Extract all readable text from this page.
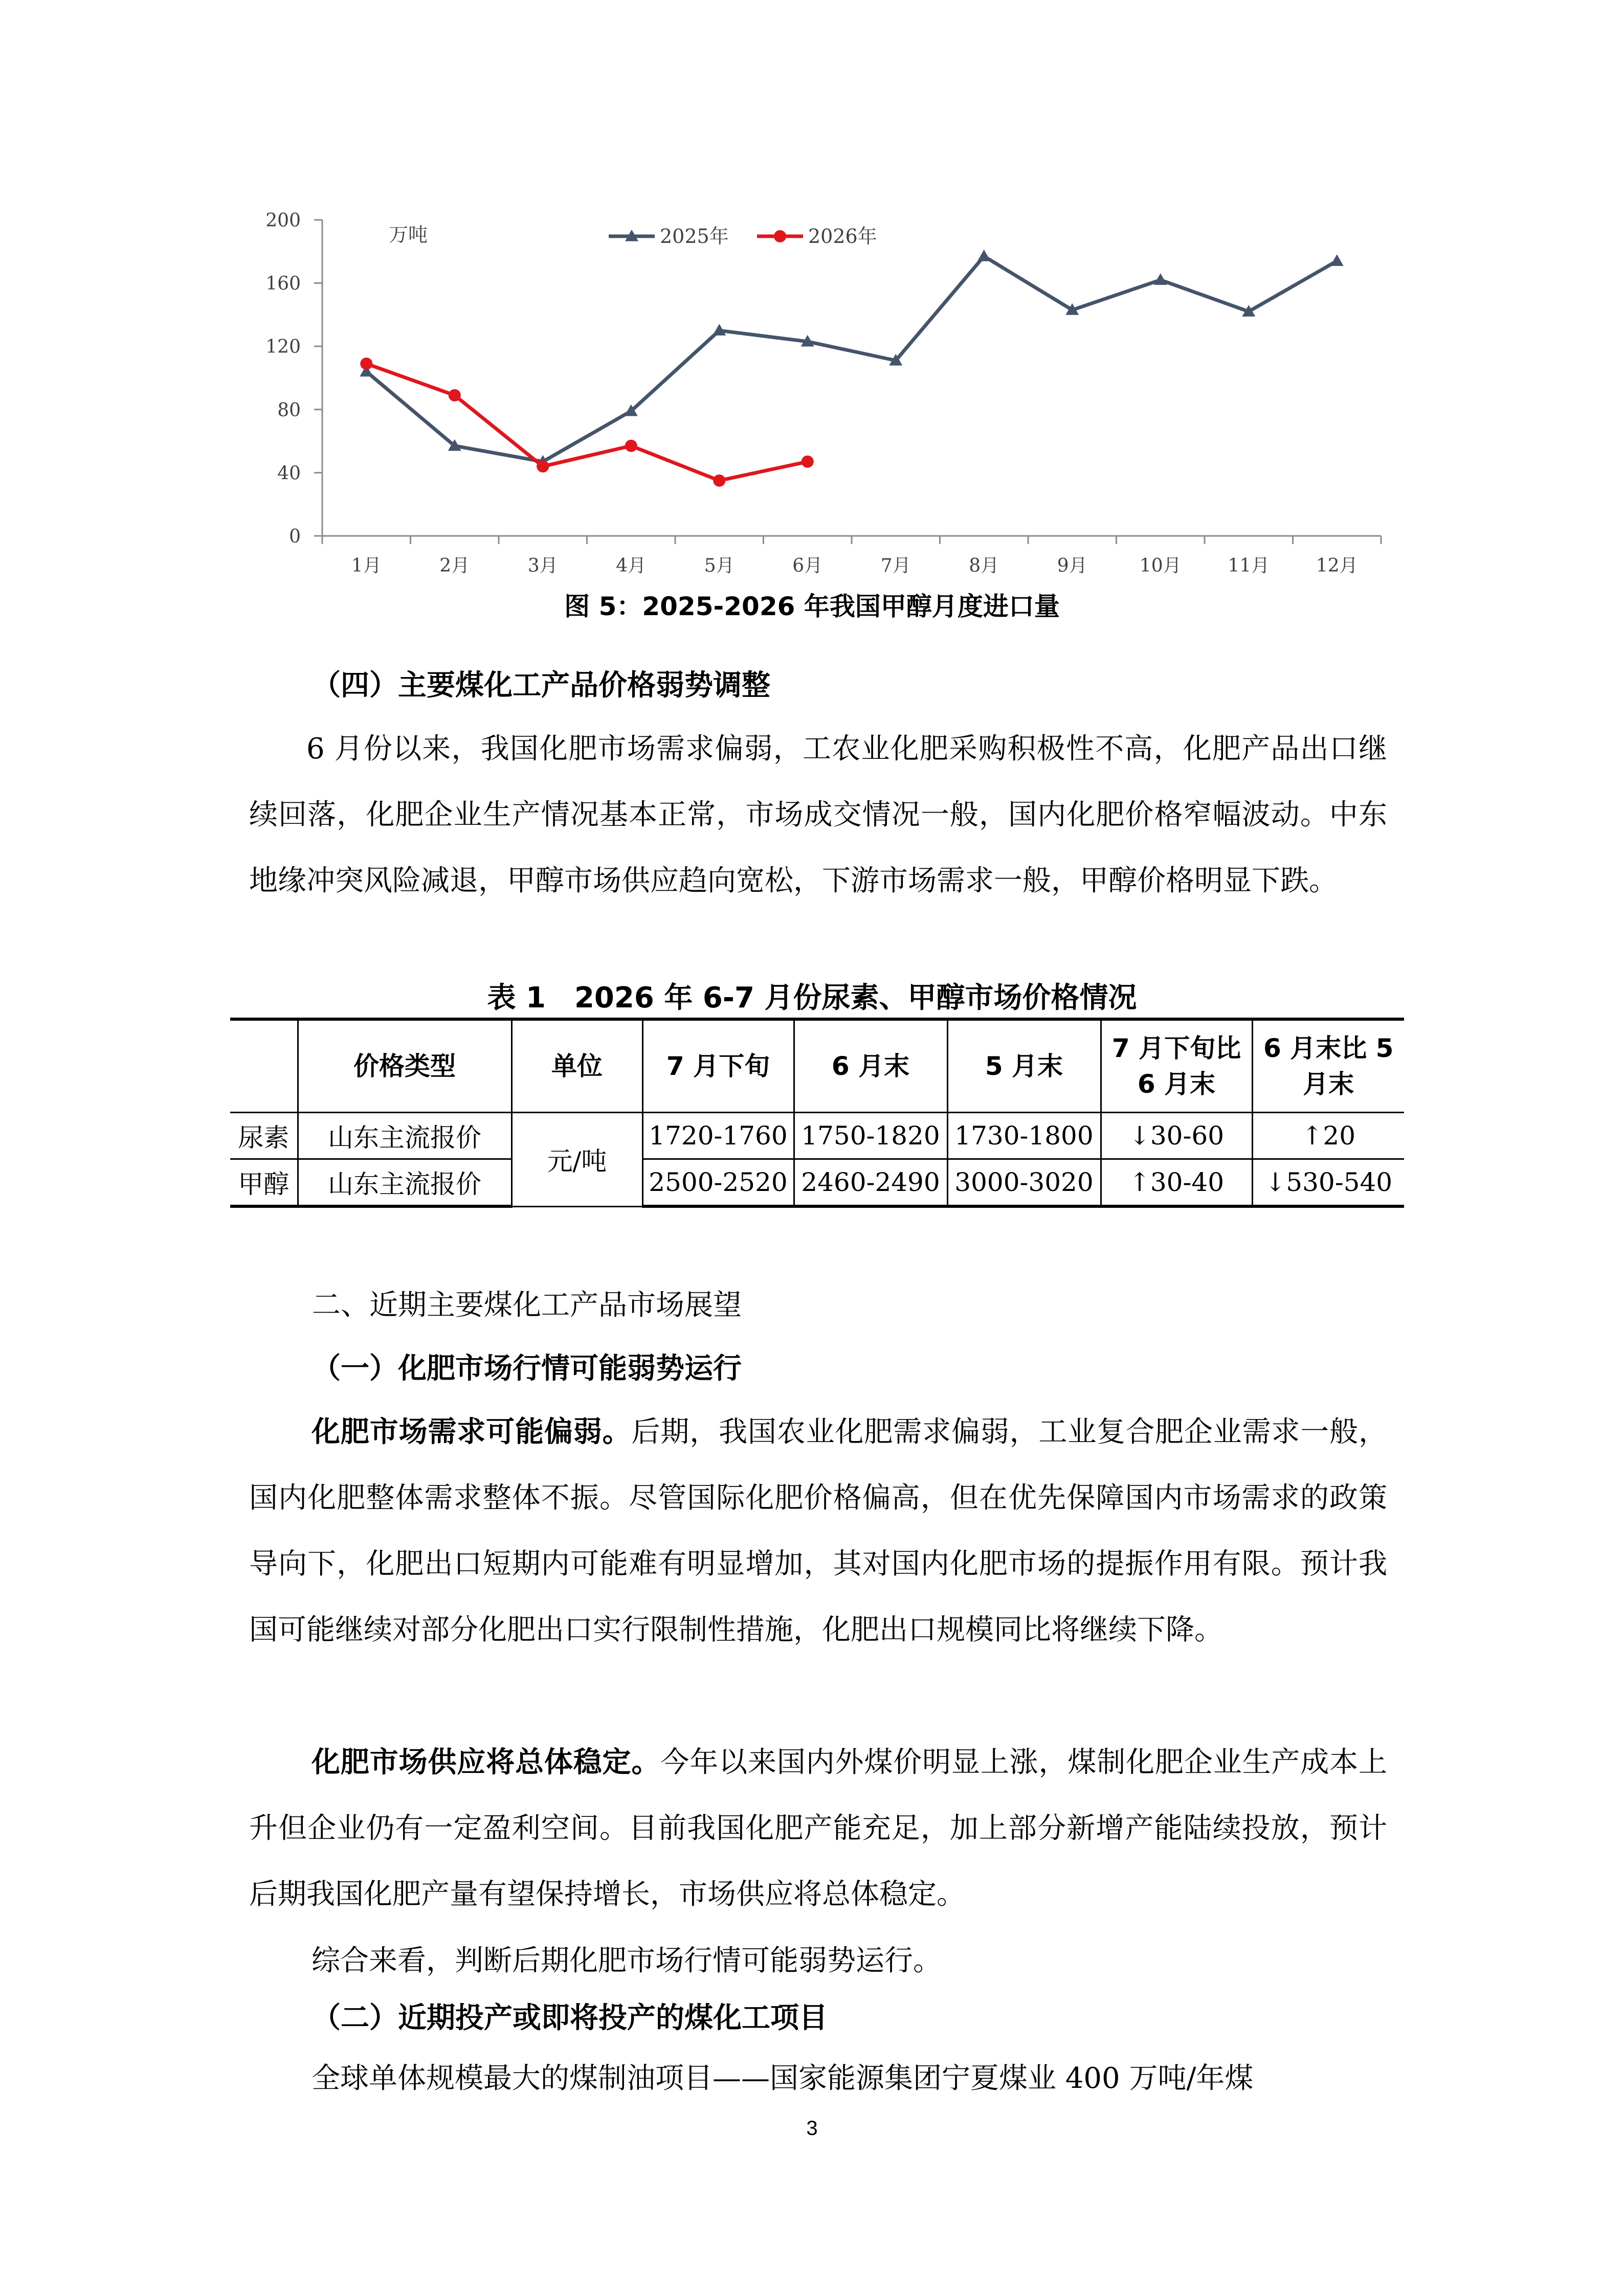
0
40
80
120
160
200
1月	2月	3月	4月	5月	6月	7月	8月	9月	10月	11月	12月
万吨	2025年	2026年
图 5：2025-2026 年我国甲醇月度进口量
（四）主要煤化工产品价格弱势调整
6 月份以来，我国化肥市场需求偏弱，工农业化肥采购积极性不高，化肥产品出口继续回落，化肥企业生产情况基本正常，市场成交情况一般，国内化肥价格窄幅波动。中东地缘冲突风险减退，甲醇市场供应趋向宽松，下游市场需求一般，甲醇价格明显下跌。
表 1　2026 年 6-7 月份尿素、甲醇市场价格情况
	价格类型	单位	7 月下旬	6 月末	5 月末	7 月下旬比 6 月末	6 月末比 5 月末
尿素	山东主流报价	元/吨	1720-1760	1750-1820	1730-1800	↓30-60	↑20
甲醇	山东主流报价		2500-2520	2460-2490	3000-3020	↑30-40	↓530-540
二、近期主要煤化工产品市场展望
（一）化肥市场行情可能弱势运行
化肥市场需求可能偏弱。后期，我国农业化肥需求偏弱，工业复合肥企业需求一般，国内化肥整体需求整体不振。尽管国际化肥价格偏高，但在优先保障国内市场需求的政策导向下，化肥出口短期内可能难有明显增加，其对国内化肥市场的提振作用有限。预计我国可能继续对部分化肥出口实行限制性措施，化肥出口规模同比将继续下降。
化肥市场供应将总体稳定。今年以来国内外煤价明显上涨，煤制化肥企业生产成本上升但企业仍有一定盈利空间。目前我国化肥产能充足，加上部分新增产能陆续投放，预计后期我国化肥产量有望保持增长，市场供应将总体稳定。
综合来看，判断后期化肥市场行情可能弱势运行。
（二）近期投产或即将投产的煤化工项目
全球单体规模最大的煤制油项目——国家能源集团宁夏煤业 400 万吨/年煤
3
